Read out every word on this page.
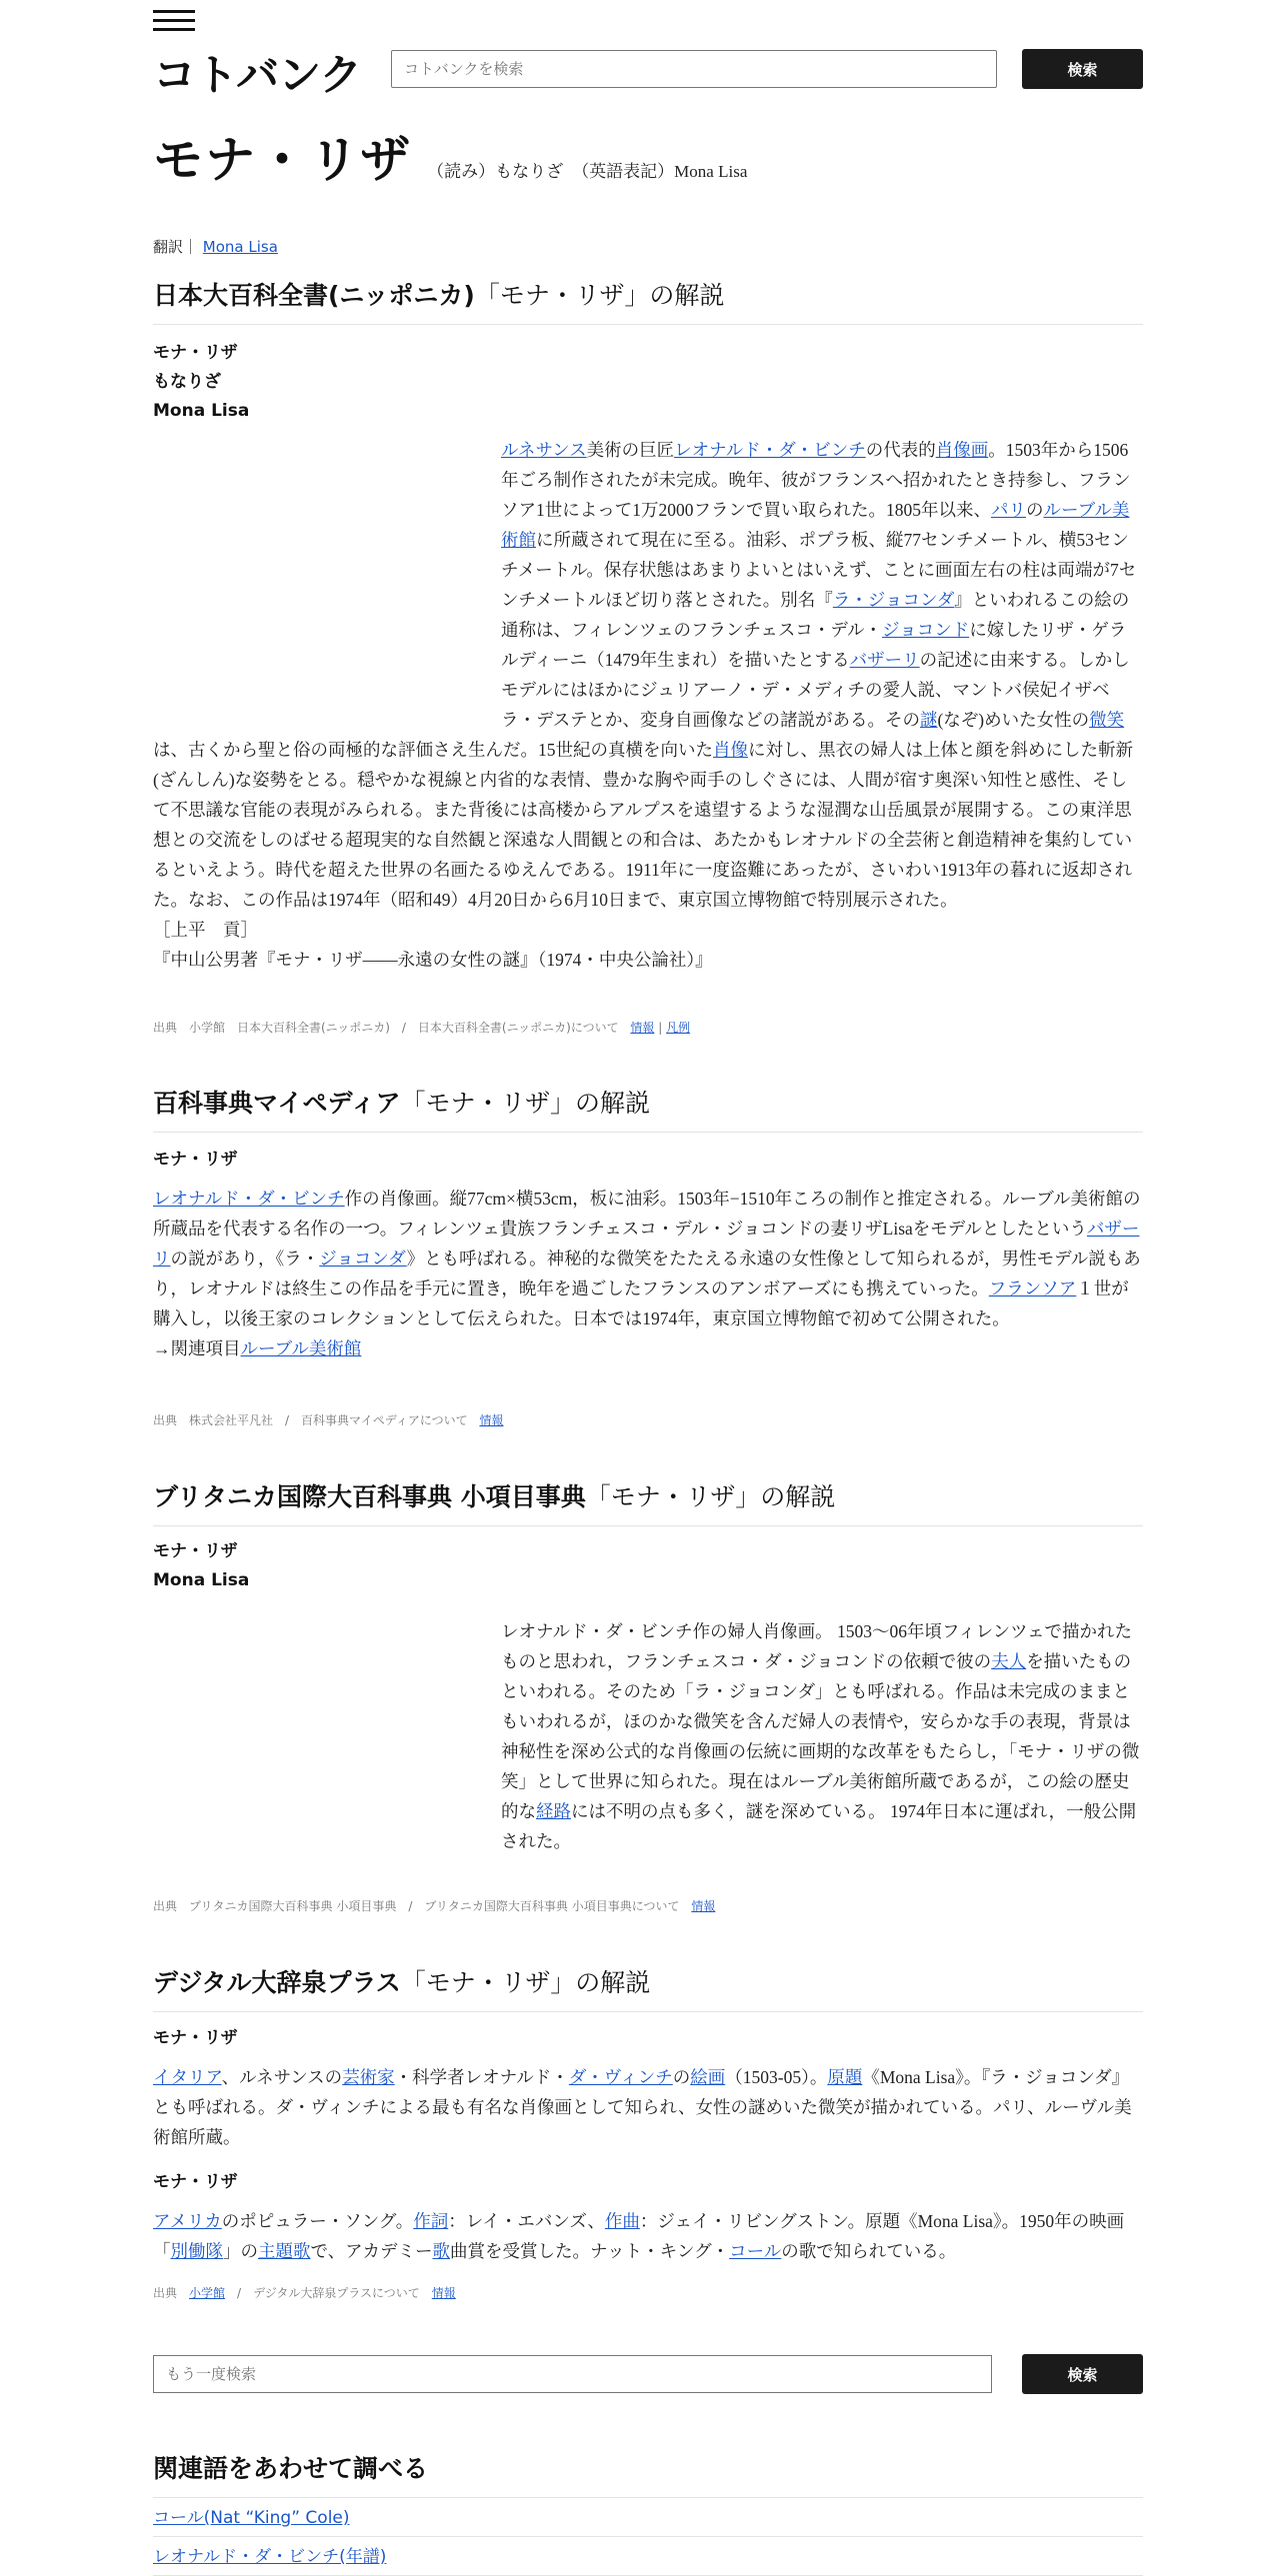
コトバンク
コトバンクを検索	検索
モナ・リザ （読み）もなりざ （英語表記）Mona Lisa
翻訳｜ Mona Lisa
日本大百科全書(ニッポニカ)「モナ・リザ」の解説
モナ・リザ
もなりざ
Mona Lisa
ルネサンス美術の巨匠レオナルド・ダ・ビンチの代表的肖像画。1503年から1506年ごろ制作されたが未完成。晩年、彼がフランスへ招かれたとき持参し、フランソア1世によって1万2000フランで買い取られた。1805年以来、パリのルーブル美術館に所蔵されて現在に至る。油彩、ポプラ板、縦77センチメートル、横53センチメートル。保存状態はあまりよいとはいえず、ことに画面左右の柱は両端が7センチメートルほど切り落とされた。別名『ラ・ジョコンダ』といわれるこの絵の通称は、フィレンツェのフランチェスコ・デル・ジョコンドに嫁したリザ・ゲラルディーニ（1479年生まれ）を描いたとするバザーリの記述に由来する。しかしモデルにはほかにジュリアーノ・デ・メディチの愛人説、マントバ侯妃イザベラ・デステとか、変身自画像などの諸説がある。その謎(なぞ)めいた女性の微笑は、古くから聖と俗の両極的な評価さえ生んだ。15世紀の真横を向いた肖像に対し、黒衣の婦人は上体と顔を斜めにした斬新(ざんしん)な姿勢をとる。穏やかな視線と内省的な表情、豊かな胸や両手のしぐさには、人間が宿す奥深い知性と感性、そして不思議な官能の表現がみられる。また背後には高楼からアルプスを遠望するような湿潤な山岳風景が展開する。この東洋思想との交流をしのばせる超現実的な自然観と深遠な人間観との和合は、あたかもレオナルドの全芸術と創造精神を集約しているといえよう。時代を超えた世界の名画たるゆえんである。1911年に一度盗難にあったが、さいわい1913年の暮れに返却された。なお、この作品は1974年（昭和49）4月20日から6月10日まで、東京国立博物館で特別展示された。
［上平　貢］
『中山公男著『モナ・リザ――永遠の女性の謎』（1974・中央公論社）』
出典　小学館　日本大百科全書(ニッポニカ)　/　日本大百科全書(ニッポニカ)について 情報 | 凡例
百科事典マイペディア「モナ・リザ」の解説
モナ・リザ
レオナルド・ダ・ビンチ作の肖像画。縦77cm×横53cm，板に油彩。1503年−1510年ころの制作と推定される。ルーブル美術館の所蔵品を代表する名作の一つ。フィレンツェ貴族フランチェスコ・デル・ジョコンドの妻リザLisaをモデルとしたというバザーリの説があり，《ラ・ジョコンダ》とも呼ばれる。神秘的な微笑をたたえる永遠の女性像として知られるが，男性モデル説もあり，レオナルドは終生この作品を手元に置き，晩年を過ごしたフランスのアンボアーズにも携えていった。フランソア１世が購入し，以後王家のコレクションとして伝えられた。日本では1974年，東京国立博物館で初めて公開された。
→関連項目ルーブル美術館
出典　株式会社平凡社　/　百科事典マイペディアについて 情報
ブリタニカ国際大百科事典 小項目事典「モナ・リザ」の解説
モナ・リザ
Mona Lisa
レオナルド・ダ・ビンチ作の婦人肖像画。 1503～06年頃フィレンツェで描かれたものと思われ，フランチェスコ・ダ・ジョコンドの依頼で彼の夫人を描いたものといわれる。そのため「ラ・ジョコンダ」とも呼ばれる。作品は未完成のままともいわれるが，ほのかな微笑を含んだ婦人の表情や，安らかな手の表現，背景は神秘性を深め公式的な肖像画の伝統に画期的な改革をもたらし，「モナ・リザの微笑」として世界に知られた。現在はルーブル美術館所蔵であるが，この絵の歴史的な経路には不明の点も多く，謎を深めている。 1974年日本に運ばれ，一般公開された。
出典　ブリタニカ国際大百科事典 小項目事典　/　ブリタニカ国際大百科事典 小項目事典について 情報
デジタル大辞泉プラス「モナ・リザ」の解説
モナ・リザ
イタリア、ルネサンスの芸術家・科学者レオナルド・ダ・ヴィンチの絵画（1503-05）。原題《Mona Lisa》。『ラ・ジョコンダ』とも呼ばれる。ダ・ヴィンチによる最も有名な肖像画として知られ、女性の謎めいた微笑が描かれている。パリ、ルーヴル美術館所蔵。
モナ・リザ
アメリカのポピュラー・ソング。作詞：レイ・エバンズ、作曲：ジェイ・リビングストン。原題《Mona Lisa》。1950年の映画「別働隊」の主題歌で、アカデミー歌曲賞を受賞した。ナット・キング・コールの歌で知られている。
出典　小学館　/　デジタル大辞泉プラスについて　情報
もう一度検索
検索
関連語をあわせて調べる
コール(Nat “King” Cole)
レオナルド・ダ・ビンチ(年譜)
